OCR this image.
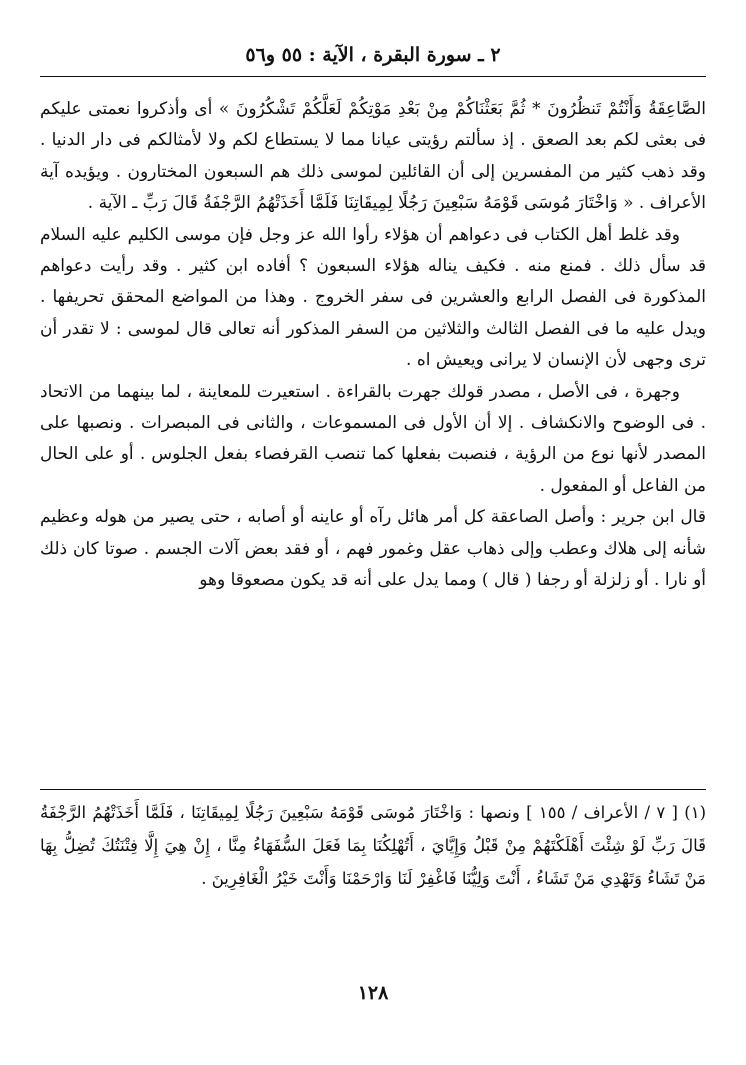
٢ ـ سورة البقرة ، الآية : ٥٥ و٥٦

الصَّاعِقَةُ وَأَنْتُمْ تَنظُرُونَ * ثُمَّ بَعَثْنَاكُمْ مِنْ بَعْدِ مَوْتِكُمْ لَعَلَّكُمْ تَشْكُرُونَ » أى وأذكروا نعمتى عليكم فى بعثى لكم بعد الصعق . إذ سألتم رؤيتى عيانا مما لا يستطاع لكم ولا لأمثالكم فى دار الدنيا . وقد ذهب كثير من المفسرين إلى أن القائلين لموسى ذلك هم السبعون المختارون . ويؤيده آية الأعراف . « وَاخْتَارَ مُوسَى قَوْمَهُ سَبْعِينَ رَجُلًا لِمِيقَاتِنَا فَلَمَّا أَخَذَتْهُمُ الرَّجْفَةُ قَالَ رَبِّ ـ الآية .

وقد غلط أهل الكتاب فى دعواهم أن هؤلاء رأوا الله عز وجل فإن موسى الكليم عليه السلام قد سأل ذلك . فمنع منه . فكيف يناله هؤلاء السبعون ؟ أفاده ابن كثير . وقد رأيت دعواهم المذكورة فى الفصل الرابع والعشرين فى سفر الخروج . وهذا من المواضع المحقق تحريفها . ويدل عليه ما فى الفصل الثالث والثلاثين من السفر المذكور أنه تعالى قال لموسى : لا تقدر أن ترى وجهى لأن الإنسان لا يرانى ويعيش اه .

وجهرة ، فى الأصل ، مصدر قولك جهرت بالقراءة . استعيرت للمعاينة ، لما بينهما من الاتحاد . فى الوضوح والانكشاف . إلا أن الأول فى المسموعات ، والثانى فى المبصرات . ونصبها على المصدر لأنها نوع من الرؤية ، فنصبت بفعلها كما تنصب القرفصاء بفعل الجلوس . أو على الحال من الفاعل أو المفعول .

قال ابن جرير : وأصل الصاعقة كل أمر هائل رآه أو عاينه أو أصابه ، حتى يصير من هوله وعظيم شأنه إلى هلاك وعطب وإلى ذهاب عقل وغمور فهم ، أو فقد بعض آلات الجسم . صوتا كان ذلك أو نارا . أو زلزلة أو رجفا ( قال ) ومما يدل على أنه قد يكون مصعوقا وهو

(١) [ ٧ / الأعراف / ١٥٥ ] ونصها : وَاخْتَارَ مُوسَى قَوْمَهُ سَبْعِينَ رَجُلًا لِمِيقَاتِنَا ، فَلَمَّا أَخَذَتْهُمُ الرَّجْفَةُ قَالَ رَبِّ لَوْ شِئْتَ أَهْلَكْتَهُمْ مِنْ قَبْلُ وَإِيَّايَ ، أَتُهْلِكُنَا بِمَا فَعَلَ السُّفَهَاءُ مِنَّا ، إِنْ هِيَ إِلَّا فِتْنَتُكَ تُضِلُّ بِهَا مَنْ تَشَاءُ وَتَهْدِي مَنْ تَشَاءُ ، أَنْتَ وَلِيُّنَا فَاغْفِرْ لَنَا وَارْحَمْنَا وَأَنْتَ خَيْرُ الْغَافِرِينَ .

١٢٨
